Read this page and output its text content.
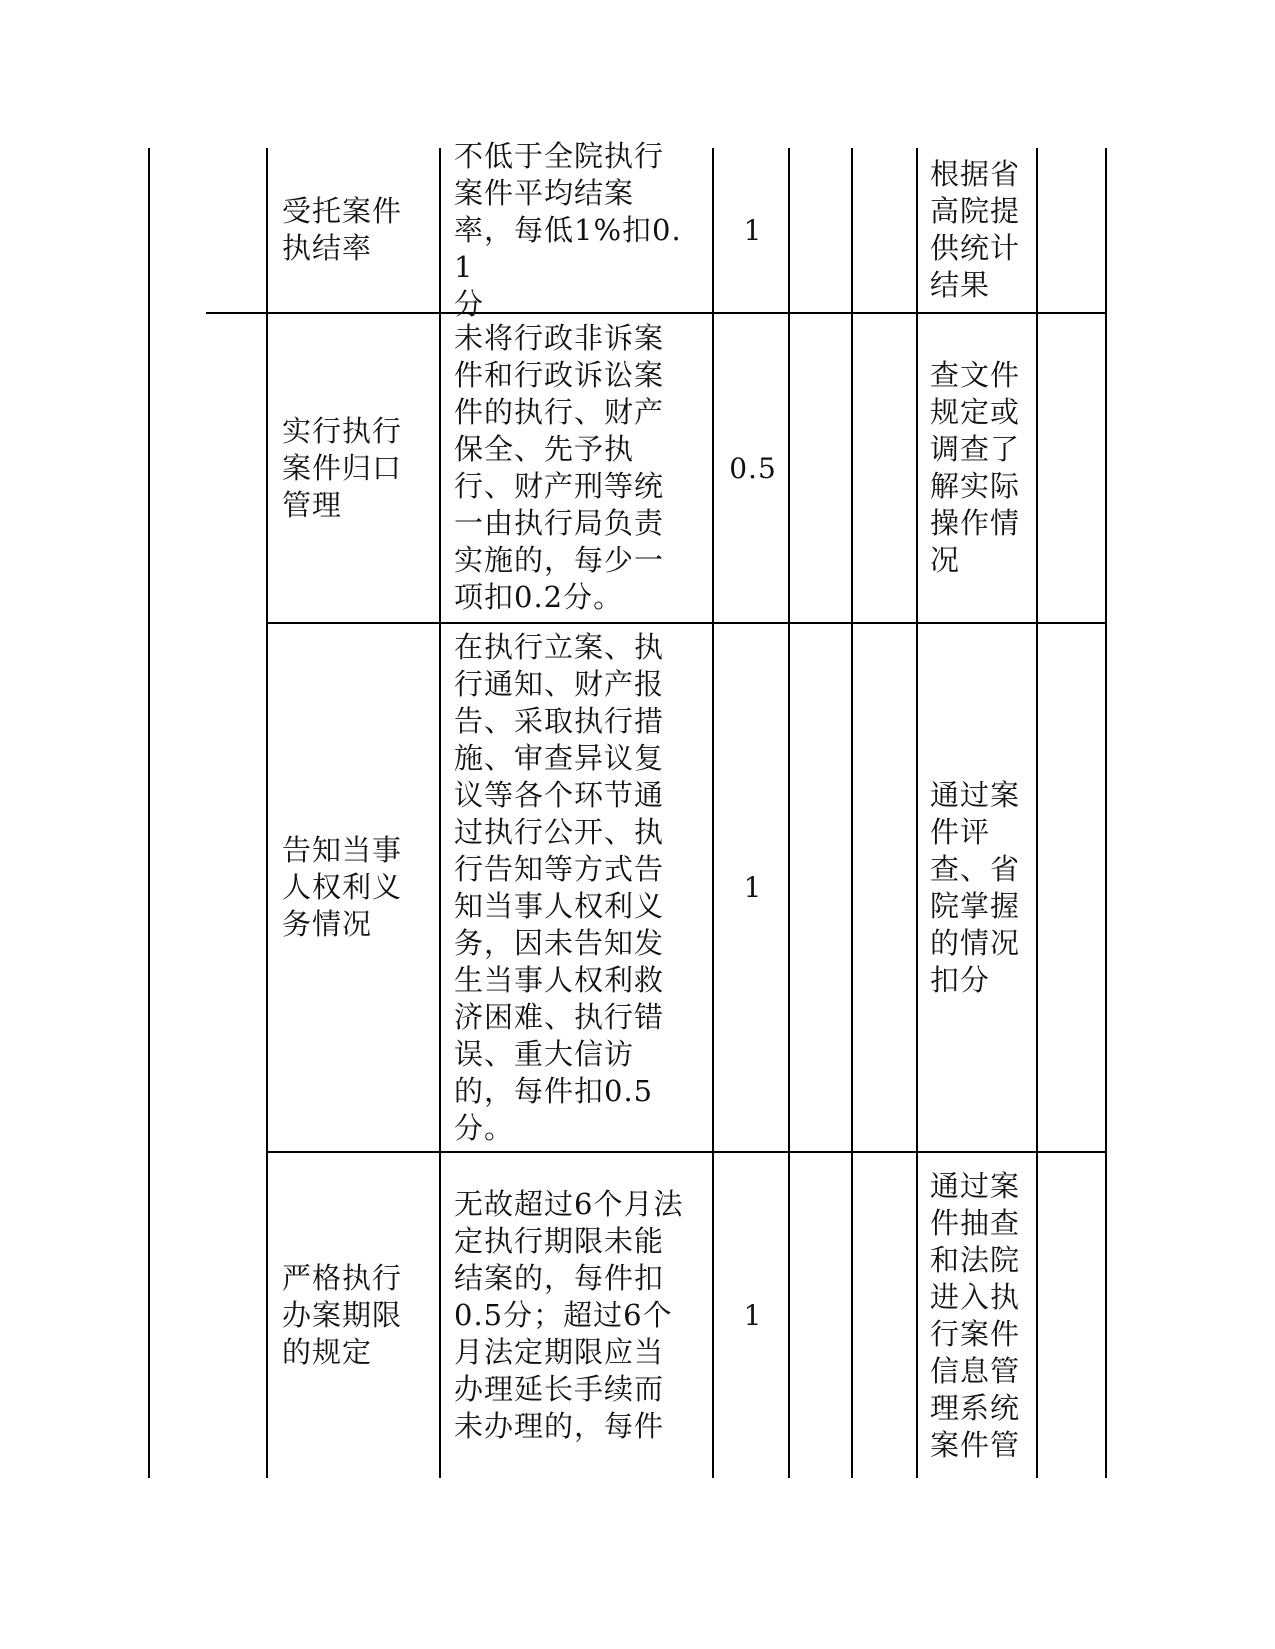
受托案件
执结率
不低于全院执行
案件平均结案
率，每低1%扣0.1
分
1
根据省
高院提
供统计
结果
实行执行
案件归口
管理
未将行政非诉案
件和行政诉讼案
件的执行、财产
保全、先予执
行、财产刑等统
一由执行局负责
实施的，每少一
项扣0.2分。
0.5
查文件
规定或
调查了
解实际
操作情
况
告知当事
人权利义
务情况
在执行立案、执
行通知、财产报
告、采取执行措
施、审查异议复
议等各个环节通
过执行公开、执
行告知等方式告
知当事人权利义
务，因未告知发
生当事人权利救
济困难、执行错
误、重大信访
的，每件扣0.5
分。
1
通过案
件评
查、省
院掌握
的情况
扣分
严格执行
办案期限
的规定
无故超过6个月法
定执行期限未能
结案的，每件扣
0.5分；超过6个
月法定期限应当
办理延长手续而
未办理的，每件
1
通过案
件抽查
和法院
进入执
行案件
信息管
理系统
案件管
